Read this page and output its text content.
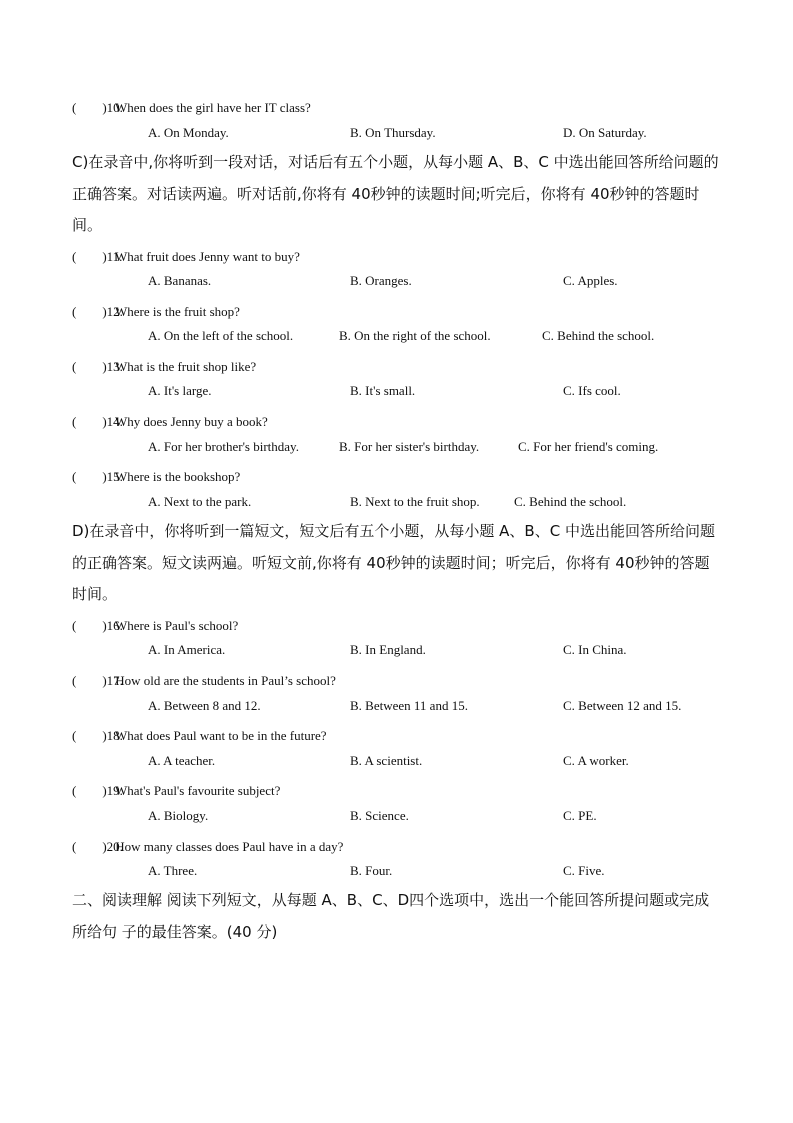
(　　)10. When does the girl have her IT class?
A. On Monday.	B. On Thursday.	D. On Saturday.
C)在录音中,你将听到一段对话，对话后有五个小题，从每小题 A、B、C 中选出能回答所给问题的正确答案。对话读两遍。听对话前,你将有 40秒钟的读题时间;听完后，你将有 40秒钟的答题时间。
(　　)11. What fruit does Jenny want to buy?
A. Bananas.	B. Oranges.	C. Apples.
(　　)12. Where is the fruit shop?
A. On the left of the school.	B. On the right of the school.	C. Behind the school.
(　　)13. What is the fruit shop like?
A. It's large.	B. It's small.	C. Ifs cool.
(　　)14. Why does Jenny buy a book?
A. For her brother's birthday.	B. For her sister's birthday.	C. For her friend's coming.
(　　)15. Where is the bookshop?
A. Next to the park.	B. Next to the fruit shop.	C. Behind the school.
D)在录音中，你将听到一篇短文，短文后有五个小题，从每小题 A、B、C 中选出能回答所给问题的正确答案。短文读两遍。听短文前,你将有 40秒钟的读题时间；听完后，你将有 40秒钟的答题时间。
(　　)16. Where is Paul's school?
A. In America.	B. In England.	C. In China.
(　　)17. How old are the students in Paul’s school?
A. Between 8 and 12.	B. Between 11 and 15.	C. Between 12 and 15.
(　　)18. What does Paul want to be in the future?
A. A teacher.	B. A scientist.	C. A worker.
(　　)19. What's Paul's favourite subject?
A. Biology.	B. Science.	C. PE.
(　　)20. How many classes does Paul have in a day?
A. Three.	B. Four.	C. Five.
二、阅读理解 阅读下列短文，从每题 A、B、C、D四个选项中，选出一个能回答所提问题或完成所给句 子的最佳答案。(40 分)
